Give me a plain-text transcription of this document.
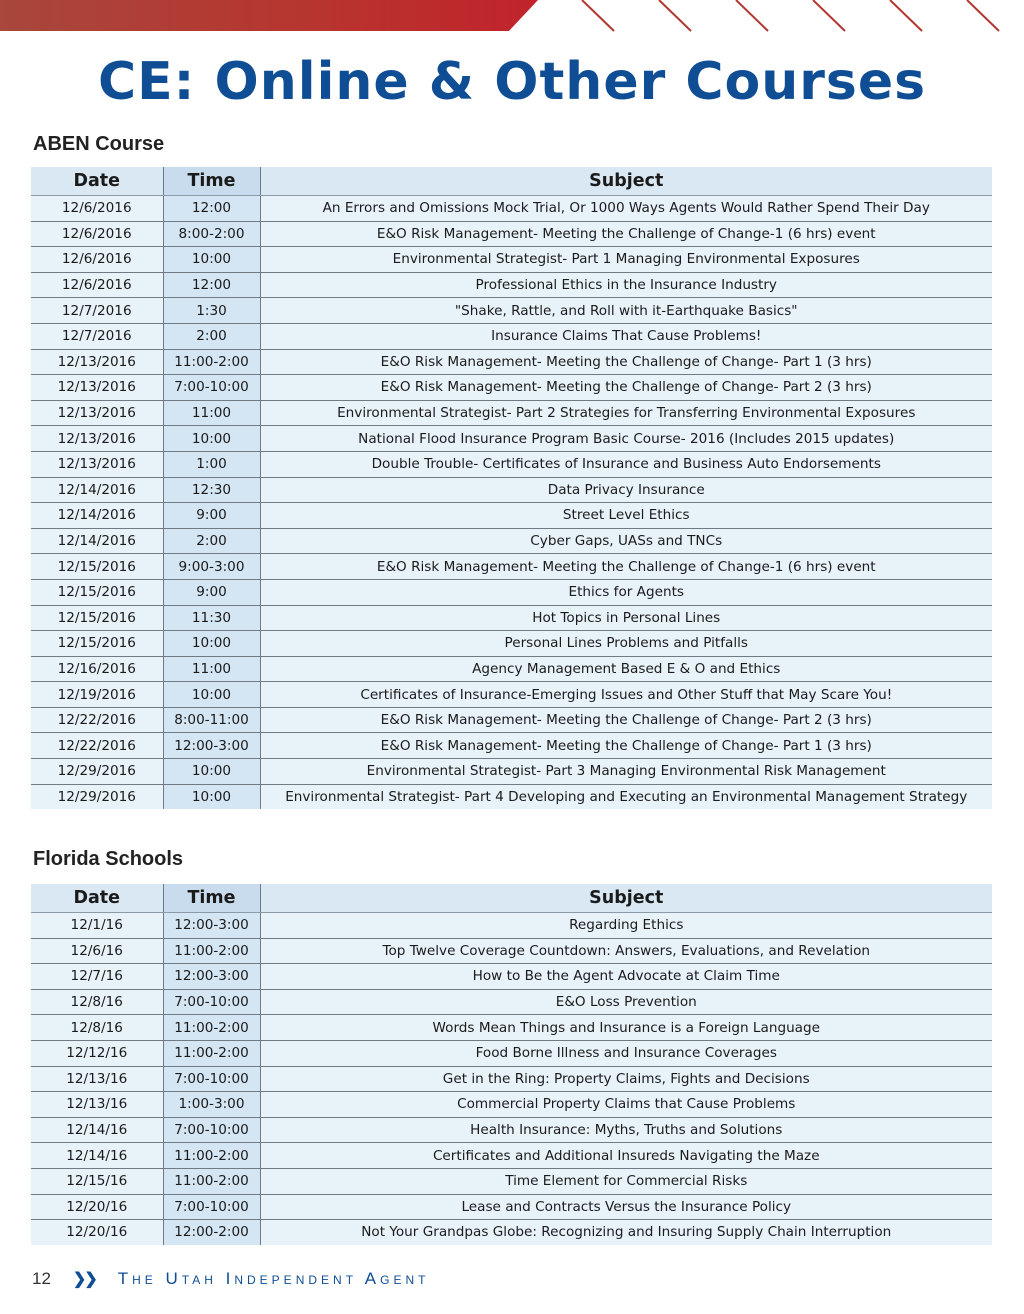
CE: Online & Other Courses
ABEN Course
Date	Time	Subject
12/6/2016	12:00	An Errors and Omissions Mock Trial, Or 1000 Ways Agents Would Rather Spend Their Day
12/6/2016	8:00-2:00	E&O Risk Management- Meeting the Challenge of Change-1 (6 hrs) event
12/6/2016	10:00	Environmental Strategist- Part 1 Managing Environmental Exposures
12/6/2016	12:00	Professional Ethics in the Insurance Industry
12/7/2016	1:30	"Shake, Rattle, and Roll with it-Earthquake Basics"
12/7/2016	2:00	Insurance Claims That Cause Problems!
12/13/2016	11:00-2:00	E&O Risk Management- Meeting the Challenge of Change- Part 1 (3 hrs)
12/13/2016	7:00-10:00	E&O Risk Management- Meeting the Challenge of Change- Part 2 (3 hrs)
12/13/2016	11:00	Environmental Strategist- Part 2 Strategies for Transferring Environmental Exposures
12/13/2016	10:00	National Flood Insurance Program Basic Course- 2016 (Includes 2015 updates)
12/13/2016	1:00	Double Trouble- Certificates of Insurance and Business Auto Endorsements
12/14/2016	12:30	Data Privacy Insurance
12/14/2016	9:00	Street Level Ethics
12/14/2016	2:00	Cyber Gaps, UASs and TNCs
12/15/2016	9:00-3:00	E&O Risk Management- Meeting the Challenge of Change-1 (6 hrs) event
12/15/2016	9:00	Ethics for Agents
12/15/2016	11:30	Hot Topics in Personal Lines
12/15/2016	10:00	Personal Lines Problems and Pitfalls
12/16/2016	11:00	Agency Management Based E & O and Ethics
12/19/2016	10:00	Certificates of Insurance-Emerging Issues and Other Stuff that May Scare You!
12/22/2016	8:00-11:00	E&O Risk Management- Meeting the Challenge of Change- Part 2 (3 hrs)
12/22/2016	12:00-3:00	E&O Risk Management- Meeting the Challenge of Change- Part 1 (3 hrs)
12/29/2016	10:00	Environmental Strategist- Part 3 Managing Environmental Risk Management
12/29/2016	10:00	Environmental Strategist- Part 4 Developing and Executing an Environmental Management Strategy
Florida Schools
Date	Time	Subject
12/1/16	12:00-3:00	Regarding Ethics
12/6/16	11:00-2:00	Top Twelve Coverage Countdown: Answers, Evaluations, and Revelation
12/7/16	12:00-3:00	How to Be the Agent Advocate at Claim Time
12/8/16	7:00-10:00	E&O Loss Prevention
12/8/16	11:00-2:00	Words Mean Things and Insurance is a Foreign Language
12/12/16	11:00-2:00	Food Borne Illness and Insurance Coverages
12/13/16	7:00-10:00	Get in the Ring: Property Claims, Fights and Decisions
12/13/16	1:00-3:00	Commercial Property Claims that Cause Problems
12/14/16	7:00-10:00	Health Insurance: Myths, Truths and Solutions
12/14/16	11:00-2:00	Certificates and Additional Insureds Navigating the Maze
12/15/16	11:00-2:00	Time Element for Commercial Risks
12/20/16	7:00-10:00	Lease and Contracts Versus the Insurance Policy
12/20/16	12:00-2:00	Not Your Grandpas Globe: Recognizing and Insuring Supply Chain Interruption
12 ❯❯ The Utah Independent Agent
